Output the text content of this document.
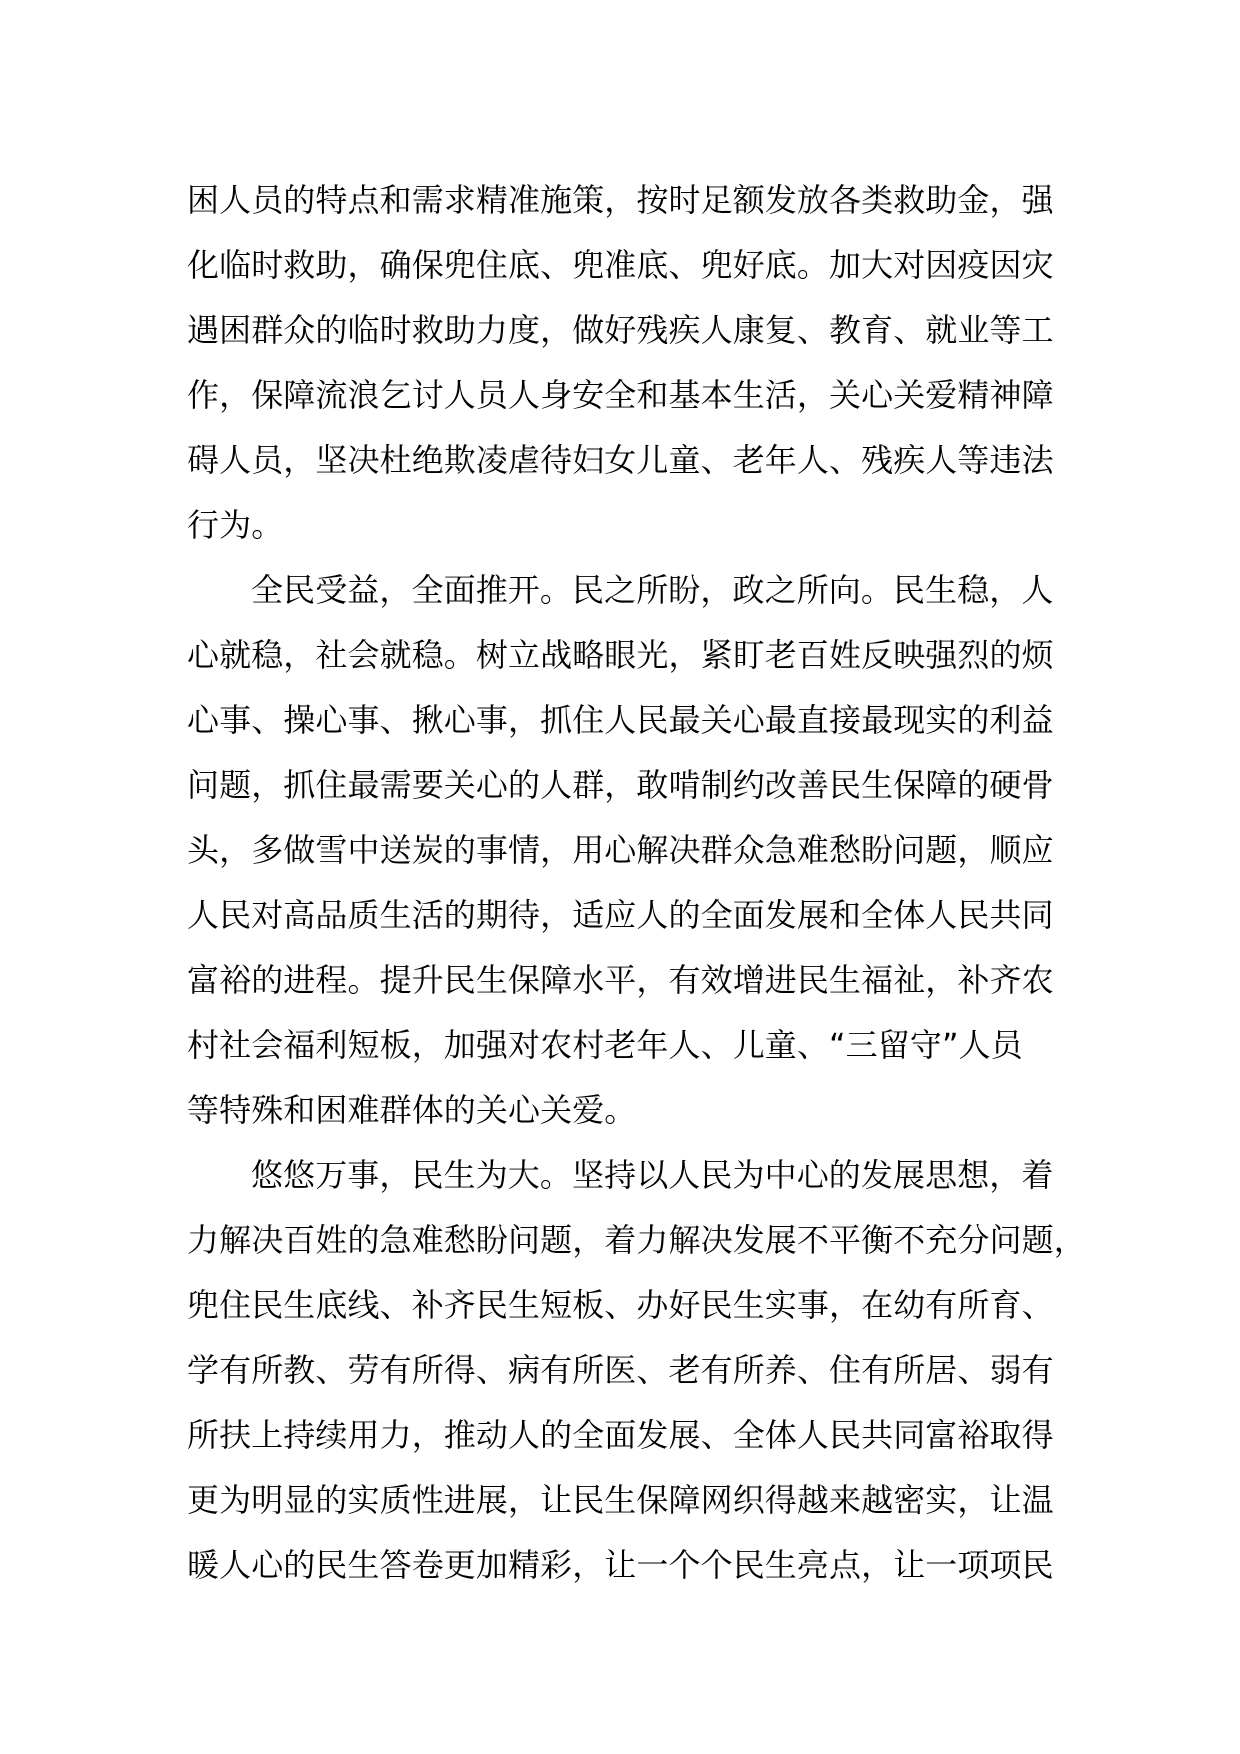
困人员的特点和需求精准施策，按时足额发放各类救助金，强
化临时救助，确保兜住底、兜准底、兜好底。加大对因疫因灾
遇困群众的临时救助力度，做好残疾人康复、教育、就业等工
作，保障流浪乞讨人员人身安全和基本生活，关心关爱精神障
碍人员，坚决杜绝欺凌虐待妇女儿童、老年人、残疾人等违法
行为。
全民受益，全面推开。民之所盼，政之所向。民生稳，人
心就稳，社会就稳。树立战略眼光，紧盯老百姓反映强烈的烦
心事、操心事、揪心事，抓住人民最关心最直接最现实的利益
问题，抓住最需要关心的人群，敢啃制约改善民生保障的硬骨
头，多做雪中送炭的事情，用心解决群众急难愁盼问题，顺应
人民对高品质生活的期待，适应人的全面发展和全体人民共同
富裕的进程。提升民生保障水平，有效增进民生福祉，补齐农
村社会福利短板，加强对农村老年人、儿童、“三留守”人员
等特殊和困难群体的关心关爱。
悠悠万事，民生为大。坚持以人民为中心的发展思想，着
力解决百姓的急难愁盼问题，着力解决发展不平衡不充分问题，
兜住民生底线、补齐民生短板、办好民生实事，在幼有所育、
学有所教、劳有所得、病有所医、老有所养、住有所居、弱有
所扶上持续用力，推动人的全面发展、全体人民共同富裕取得
更为明显的实质性进展，让民生保障网织得越来越密实，让温
暖人心的民生答卷更加精彩，让一个个民生亮点，让一项项民
